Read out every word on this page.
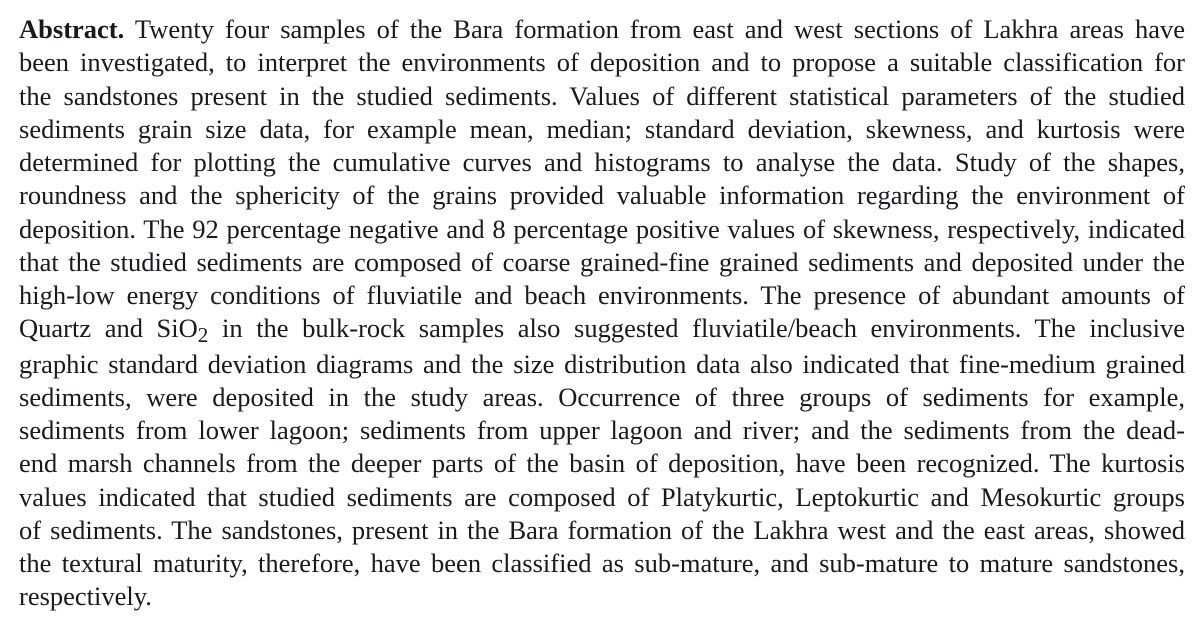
Abstract. Twenty four samples of the Bara formation from east and west sections of Lakhra areas have
been investigated, to interpret the environments of deposition and to propose a suitable classification for
the sandstones present in the studied sediments. Values of different statistical parameters of the studied
sediments grain size data, for example mean, median; standard deviation, skewness, and kurtosis were
determined for plotting the cumulative curves and histograms to analyse the data. Study of the shapes,
roundness and the sphericity of the grains provided valuable information regarding the environment of
deposition. The 92 percentage negative and 8 percentage positive values of skewness, respectively, indicated
that the studied sediments are composed of coarse grained-fine grained sediments and deposited under the
high-low energy conditions of fluviatile and beach environments. The presence of abundant amounts of
Quartz and SiO2 in the bulk-rock samples also suggested fluviatile/beach environments. The inclusive
graphic standard deviation diagrams and the size distribution data also indicated that fine-medium grained
sediments, were deposited in the study areas. Occurrence of three groups of sediments for example,
sediments from lower lagoon; sediments from upper lagoon and river; and the sediments from the dead-
end marsh channels from the deeper parts of the basin of deposition, have been recognized. The kurtosis
values indicated that studied sediments are composed of Platykurtic, Leptokurtic and Mesokurtic groups
of sediments. The sandstones, present in the Bara formation of the Lakhra west and the east areas, showed
the textural maturity, therefore, have been classified as sub-mature, and sub-mature to mature sandstones,
respectively.
